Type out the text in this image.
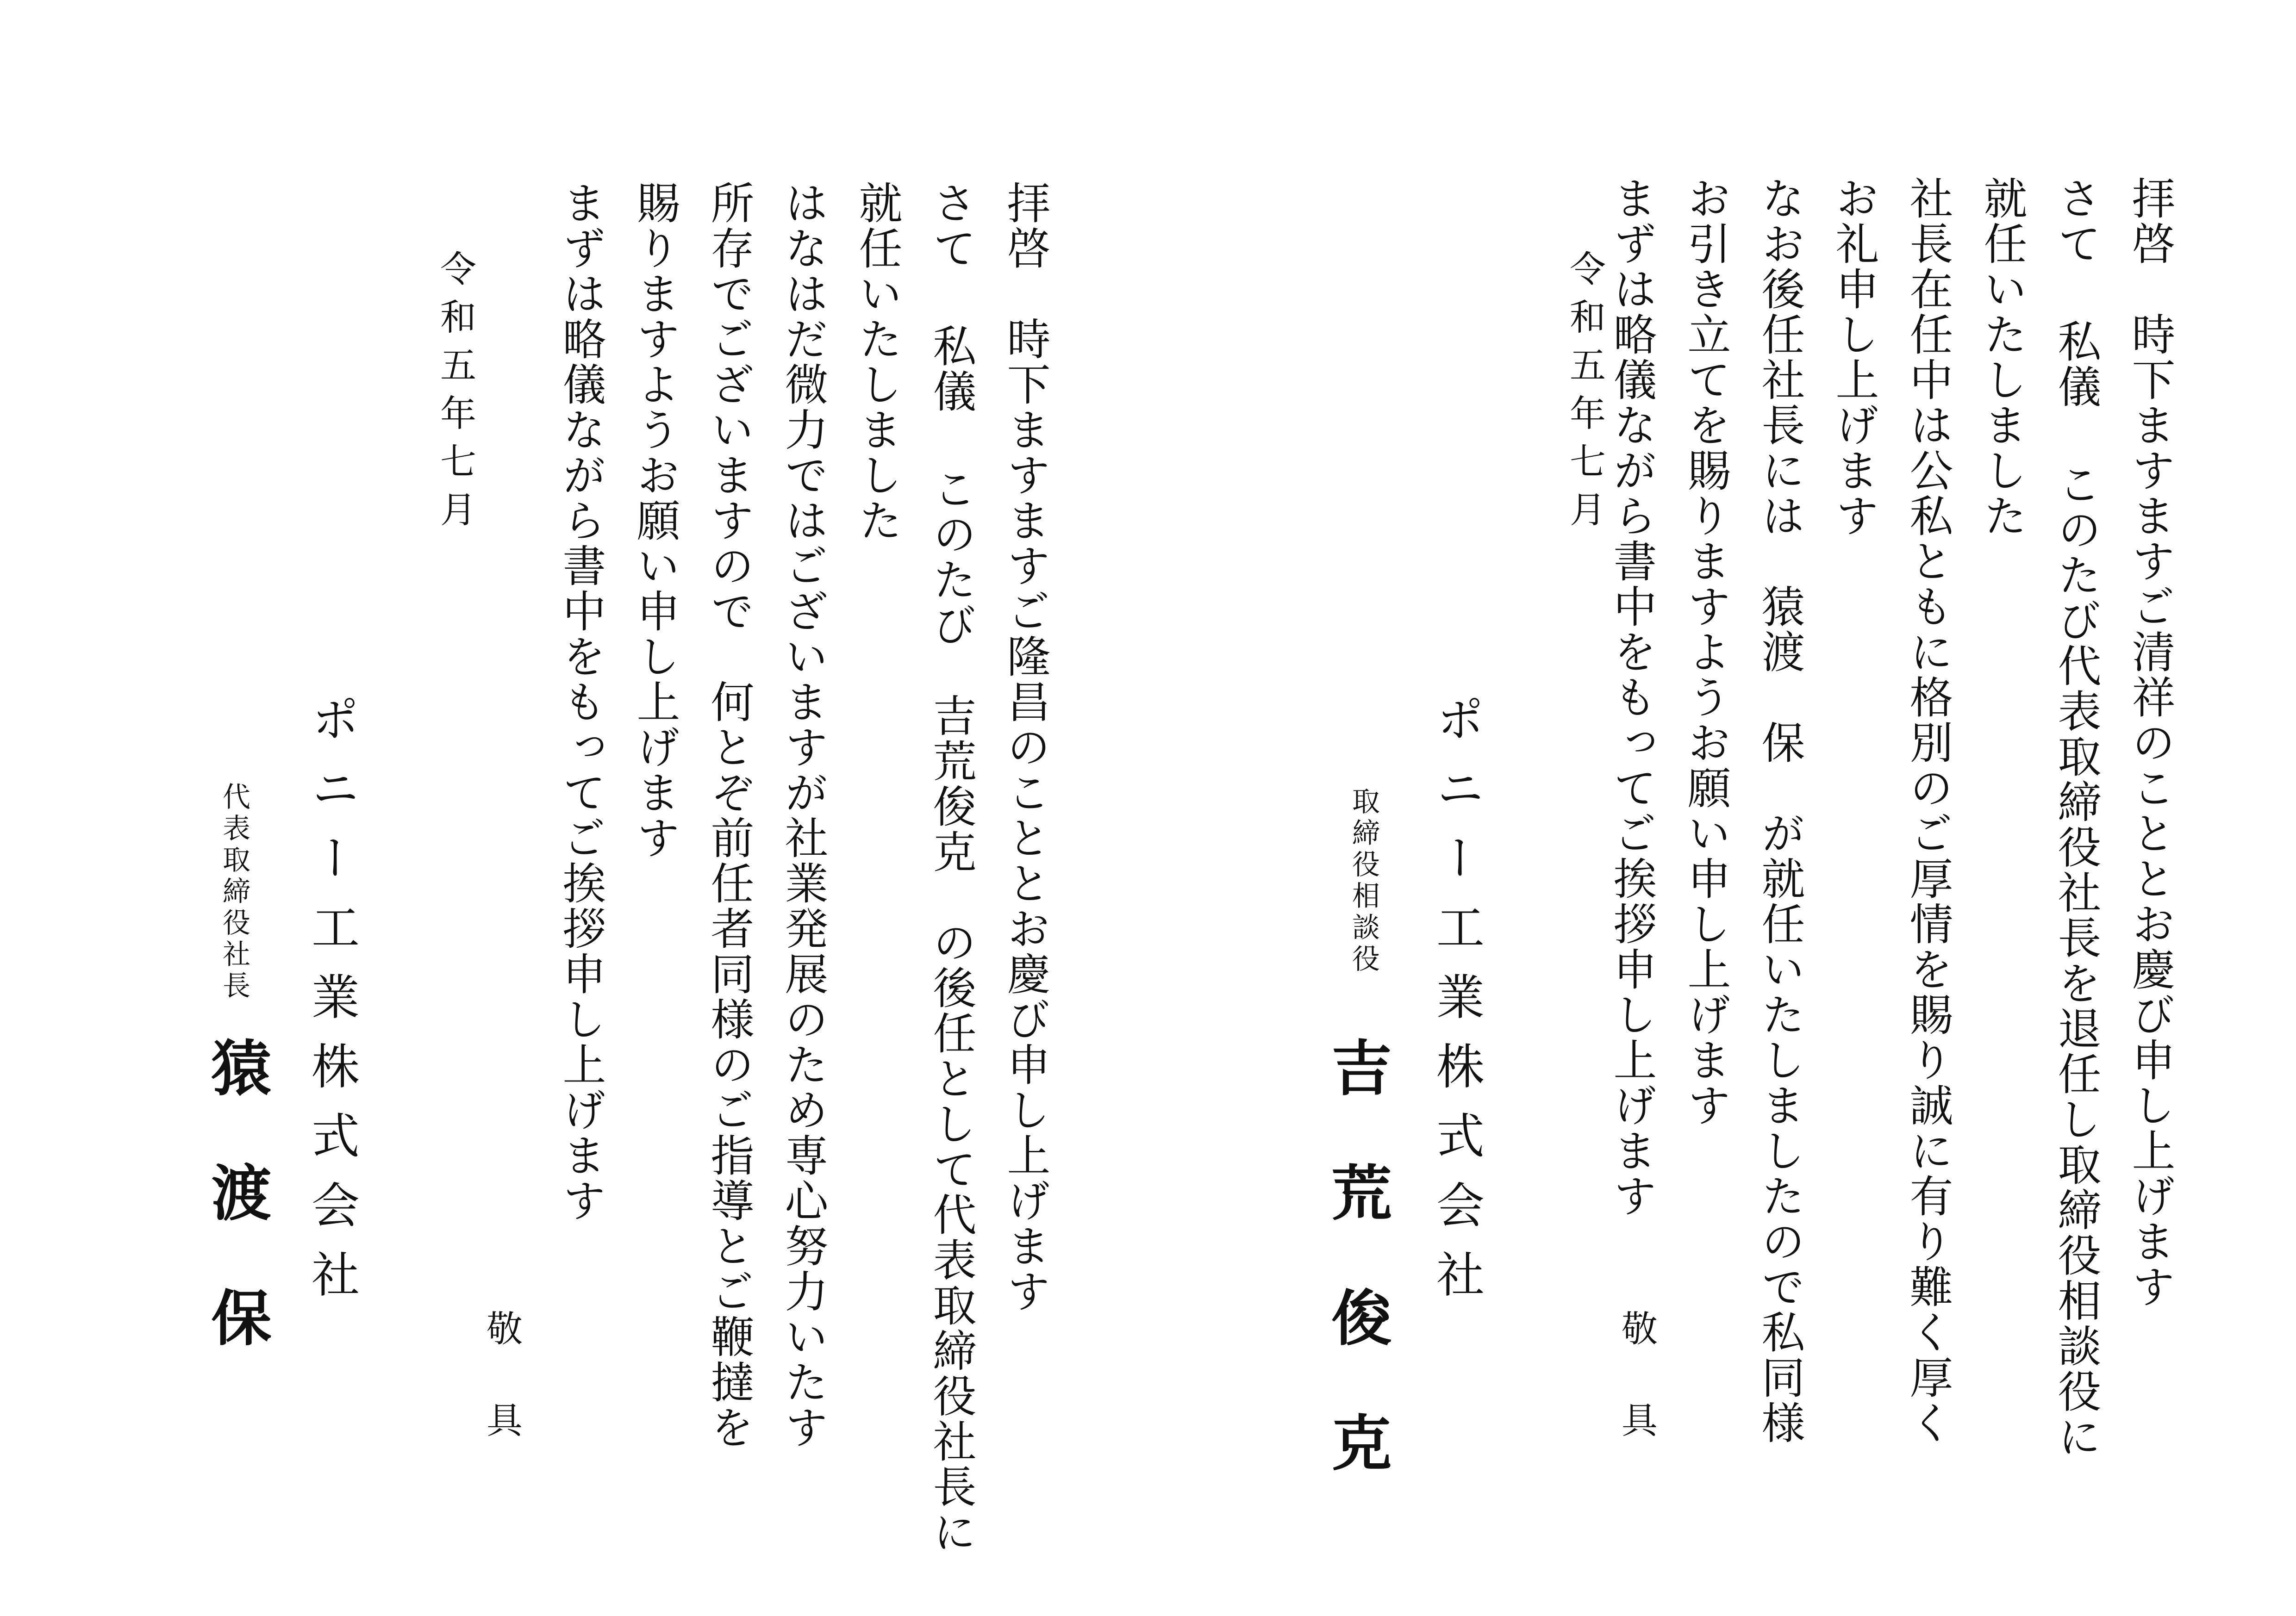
拝啓　時下ますますご清祥のこととお慶び申し上げます
さて 私儀 このたび代表取締役社長を退任し取締役相談役に
就任いたしました
社長在任中は公私ともに格別のご厚情を賜り誠に有り難く厚く
お礼申し上げます
なお後任社長には　猿渡　保　が就任いたしましたので私同様
お引き立てを賜りますようお願い申し上げます
まずは略儀ながら書中をもってご挨拶申し上げます
敬具
令和五年七月
ポニー工業株式会社
取締役相談役
吉荒俊克
拝啓　時下ますますご隆昌のこととお慶び申し上げます
さて 私儀 このたび　吉荒俊克　の後任として代表取締役社長に
就任いたしました
はなはだ微力ではございますが社業発展のため専心努力いたす
所存でございますので　何とぞ前任者同様のご指導とご鞭撻を
賜りますようお願い申し上げます
まずは略儀ながら書中をもってご挨拶申し上げます
敬具
令和五年七月
ポニー工業株式会社
代表取締役社長
猿渡保
